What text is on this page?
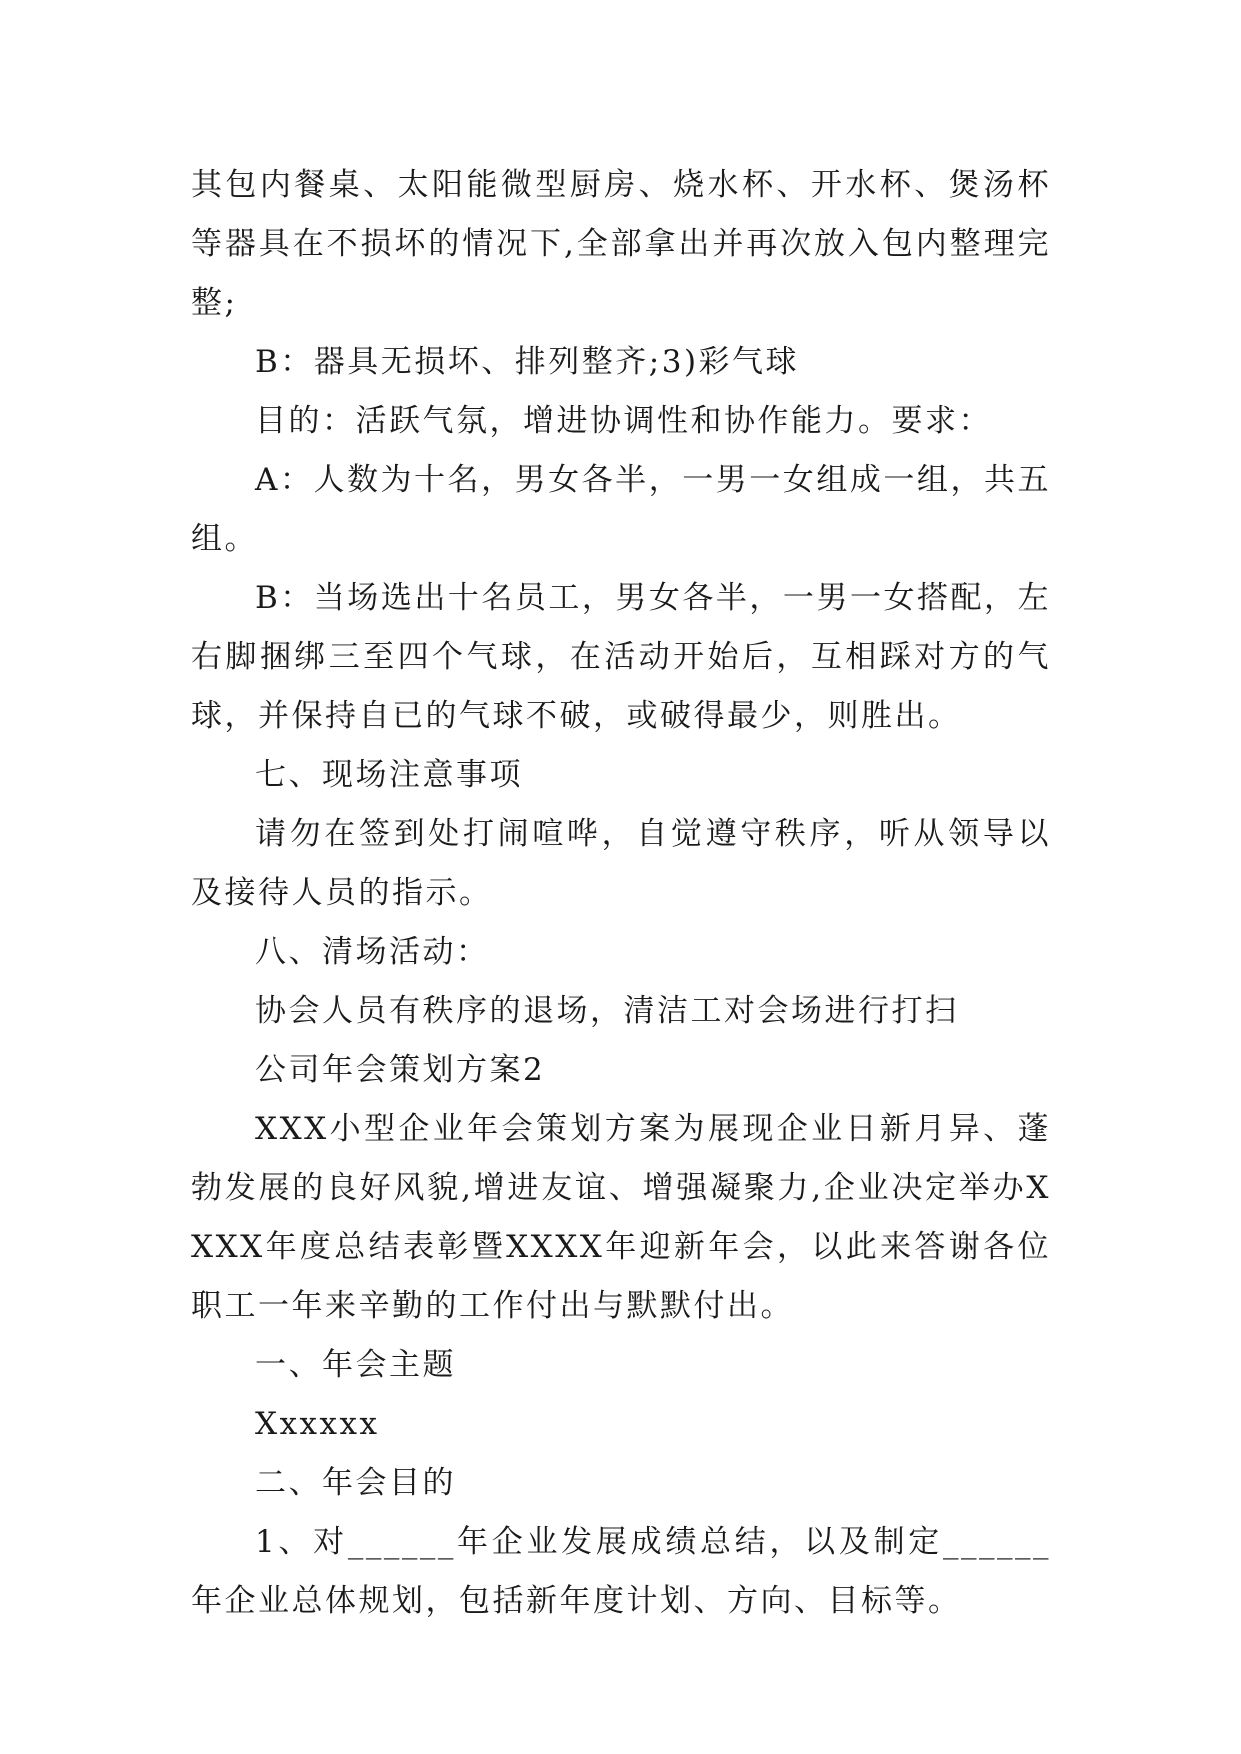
其包内餐桌、太阳能微型厨房、烧水杯、开水杯、煲汤杯等器具在不损坏的情况下,全部拿出并再次放入包内整理完整;

B：器具无损坏、排列整齐;3)彩气球

目的：活跃气氛，增进协调性和协作能力。要求：

A：人数为十名，男女各半，一男一女组成一组，共五组。

B：当场选出十名员工，男女各半，一男一女搭配，左右脚捆绑三至四个气球，在活动开始后，互相踩对方的气球，并保持自已的气球不破，或破得最少，则胜出。

七、现场注意事项

请勿在签到处打闹喧哗，自觉遵守秩序，听从领导以及接待人员的指示。

八、清场活动：

协会人员有秩序的退场，清洁工对会场进行打扫

公司年会策划方案2

XXX小型企业年会策划方案为展现企业日新月异、蓬勃发展的良好风貌,增进友谊、增强凝聚力,企业决定举办XXXX年度总结表彰暨XXXX年迎新年会，以此来答谢各位职工一年来辛勤的工作付出与默默付出。

一、年会主题

Xxxxxx

二、年会目的

1、对______年企业发展成绩总结，以及制定______年企业总体规划，包括新年度计划、方向、目标等。
